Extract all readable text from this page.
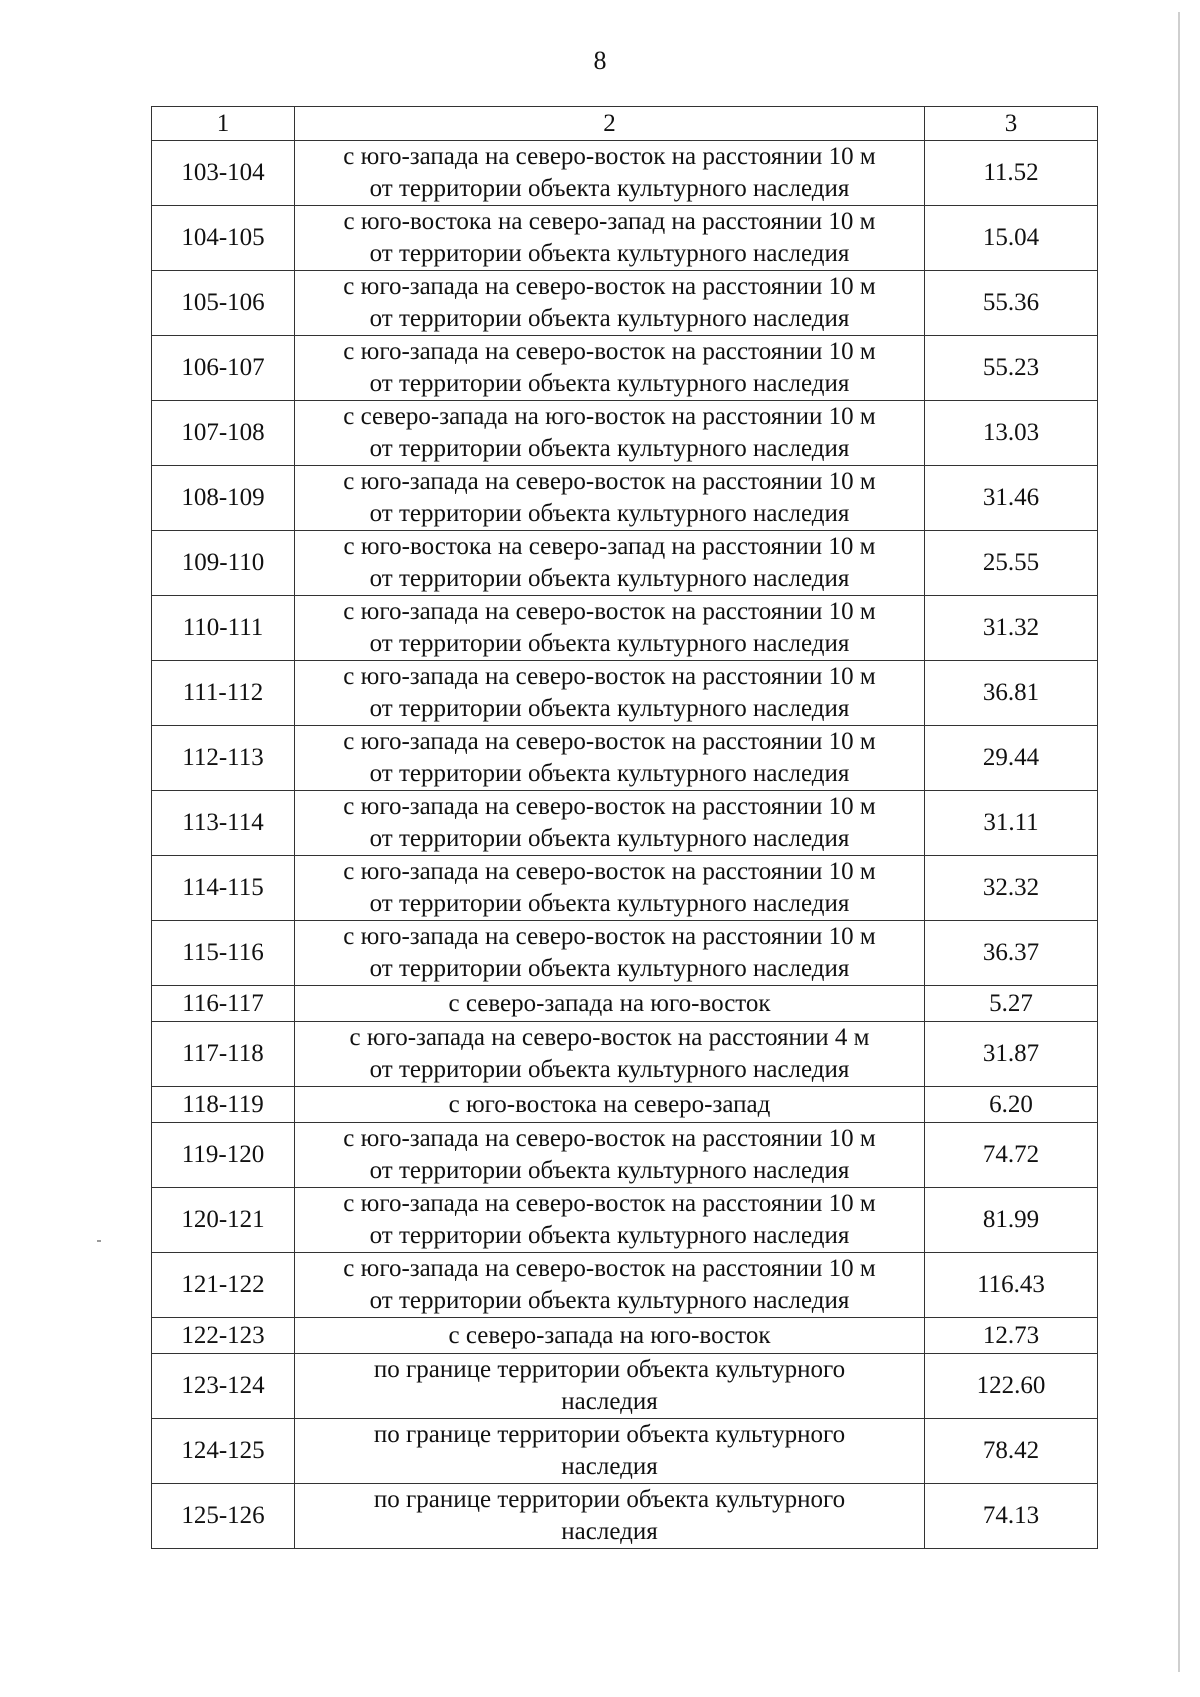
8
1	2	3
103-104	с юго-запада на северо-восток на расстоянии 10 м
от территории объекта культурного наследия	11.52
104-105	с юго-востока на северо-запад на расстоянии 10 м
от территории объекта культурного наследия	15.04
105-106	с юго-запада на северо-восток на расстоянии 10 м
от территории объекта культурного наследия	55.36
106-107	с юго-запада на северо-восток на расстоянии 10 м
от территории объекта культурного наследия	55.23
107-108	с северо-запада на юго-восток на расстоянии 10 м
от территории объекта культурного наследия	13.03
108-109	с юго-запада на северо-восток на расстоянии 10 м
от территории объекта культурного наследия	31.46
109-110	с юго-востока на северо-запад на расстоянии 10 м
от территории объекта культурного наследия	25.55
110-111	с юго-запада на северо-восток на расстоянии 10 м
от территории объекта культурного наследия	31.32
111-112	с юго-запада на северо-восток на расстоянии 10 м
от территории объекта культурного наследия	36.81
112-113	с юго-запада на северо-восток на расстоянии 10 м
от территории объекта культурного наследия	29.44
113-114	с юго-запада на северо-восток на расстоянии 10 м
от территории объекта культурного наследия	31.11
114-115	с юго-запада на северо-восток на расстоянии 10 м
от территории объекта культурного наследия	32.32
115-116	с юго-запада на северо-восток на расстоянии 10 м
от территории объекта культурного наследия	36.37
116-117	с северо-запада на юго-восток	5.27
117-118	с юго-запада на северо-восток на расстоянии 4 м
от территории объекта культурного наследия	31.87
118-119	с юго-востока на северо-запад	6.20
119-120	с юго-запада на северо-восток на расстоянии 10 м
от территории объекта культурного наследия	74.72
120-121	с юго-запада на северо-восток на расстоянии 10 м
от территории объекта культурного наследия	81.99
121-122	с юго-запада на северо-восток на расстоянии 10 м
от территории объекта культурного наследия	116.43
122-123	с северо-запада на юго-восток	12.73
123-124	по границе территории объекта культурного
наследия	122.60
124-125	по границе территории объекта культурного
наследия	78.42
125-126	по границе территории объекта культурного
наследия	74.13
